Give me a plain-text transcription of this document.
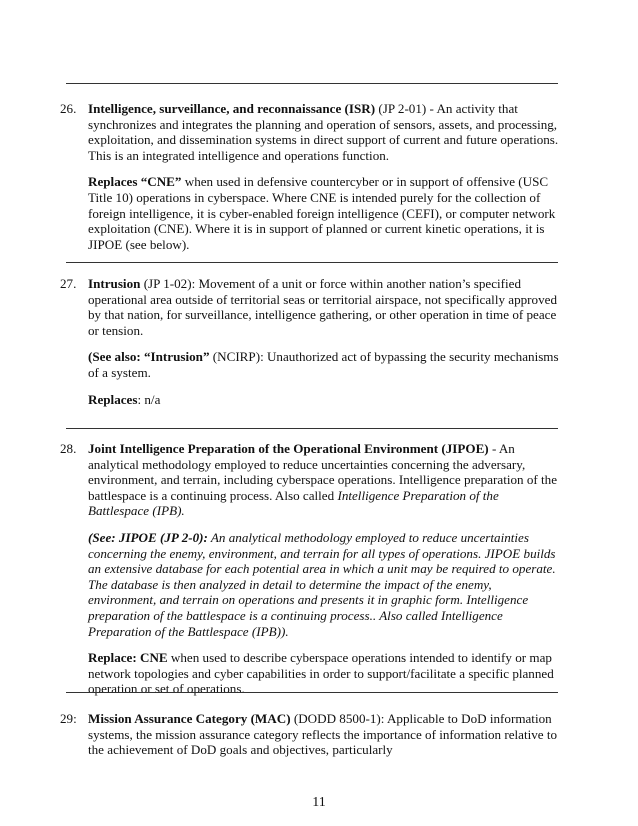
26. Intelligence, surveillance, and reconnaissance (ISR) (JP 2-01) - An activity that synchronizes and integrates the planning and operation of sensors, assets, and processing, exploitation, and dissemination systems in direct support of current and future operations. This is an integrated intelligence and operations function.

Replaces “CNE” when used in defensive countercyber or in support of offensive (USC Title 10) operations in cyberspace. Where CNE is intended purely for the collection of foreign intelligence, it is cyber-enabled foreign intelligence (CEFI), or computer network exploitation (CNE). Where it is in support of planned or current kinetic operations, it is JIPOE (see below).

27. Intrusion (JP 1-02): Movement of a unit or force within another nation’s specified operational area outside of territorial seas or territorial airspace, not specifically approved by that nation, for surveillance, intelligence gathering, or other operation in time of peace or tension.

(See also: “Intrusion” (NCIRP): Unauthorized act of bypassing the security mechanisms of a system.

Replaces: n/a

28. Joint Intelligence Preparation of the Operational Environment (JIPOE) - An analytical methodology employed to reduce uncertainties concerning the adversary, environment, and terrain, including cyberspace operations. Intelligence preparation of the battlespace is a continuing process. Also called Intelligence Preparation of the Battlespace (IPB).

(See: JIPOE (JP 2-0): An analytical methodology employed to reduce uncertainties concerning the enemy, environment, and terrain for all types of operations. JIPOE builds an extensive database for each potential area in which a unit may be required to operate. The database is then analyzed in detail to determine the impact of the enemy, environment, and terrain on operations and presents it in graphic form. Intelligence preparation of the battlespace is a continuing process.. Also called Intelligence Preparation of the Battlespace (IPB)).

Replace: CNE when used to describe cyberspace operations intended to identify or map network topologies and cyber capabilities in order to support/facilitate a specific planned operation or set of operations.

29: Mission Assurance Category (MAC) (DODD 8500-1): Applicable to DoD information systems, the mission assurance category reflects the importance of information relative to the achievement of DoD goals and objectives, particularly

11
